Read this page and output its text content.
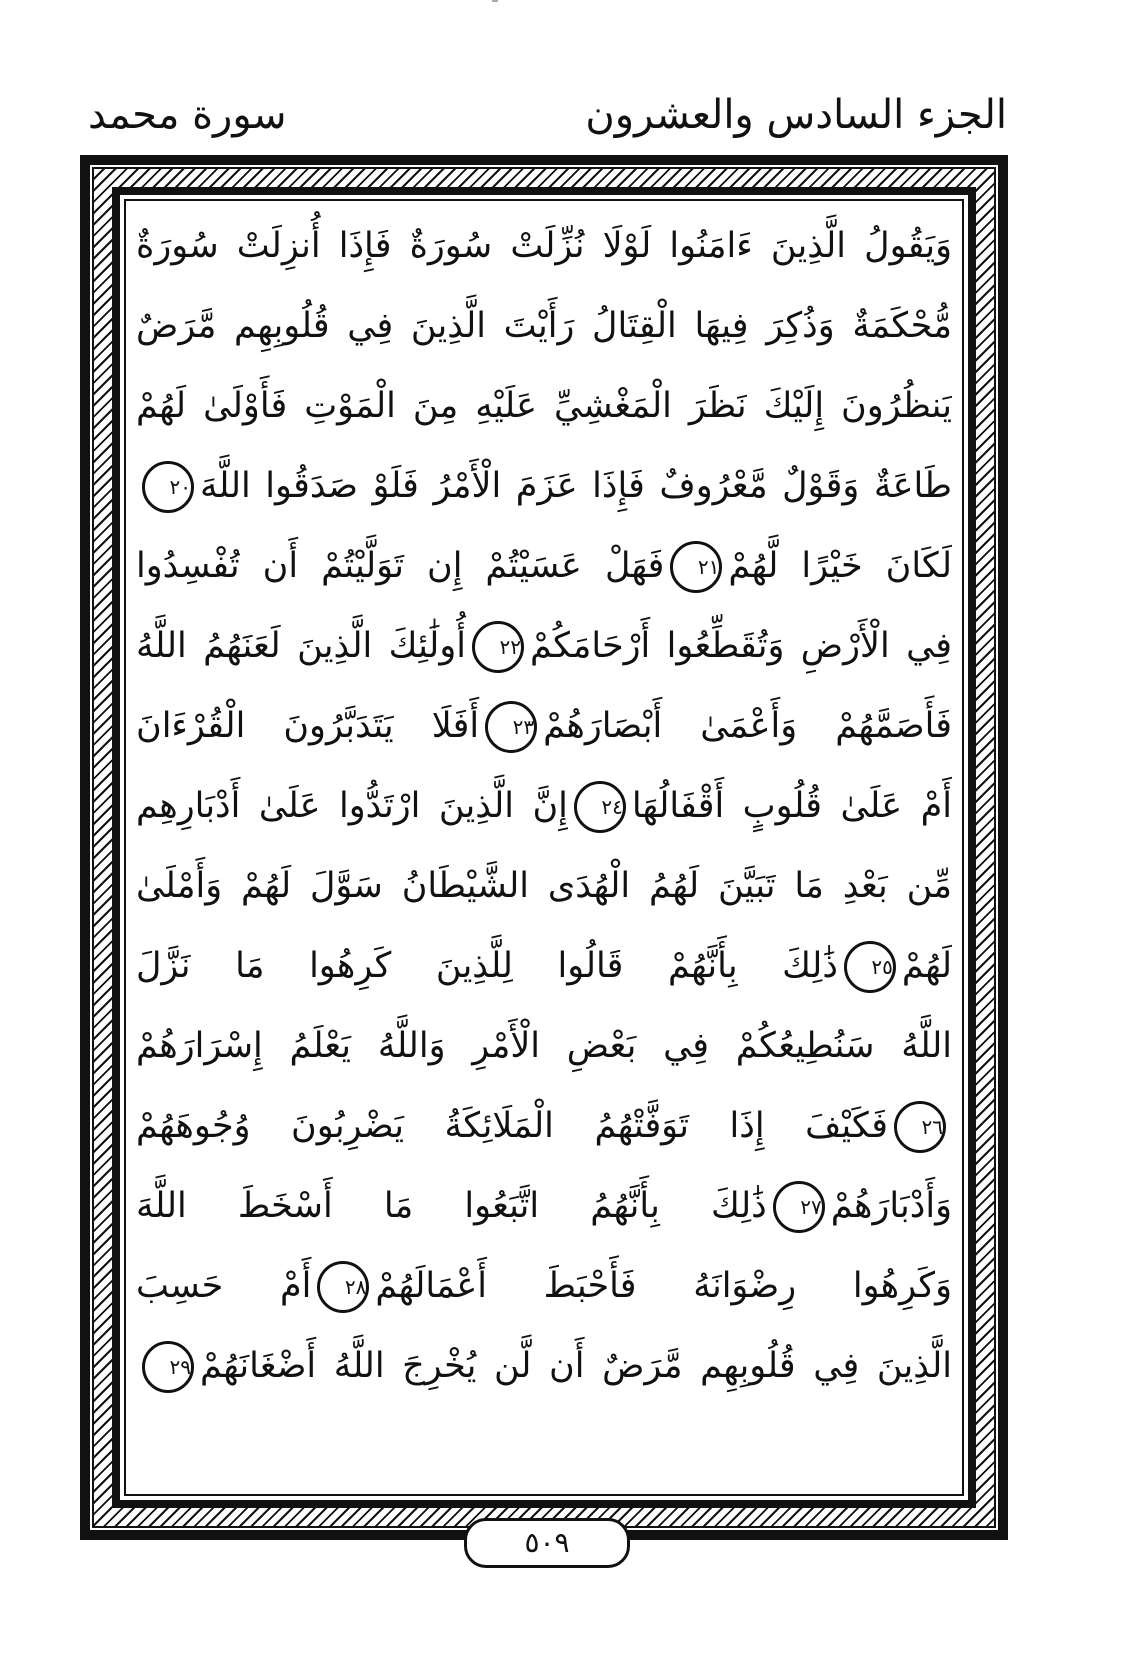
الجزء السادس والعشرون
سورة محمد
وَيَقُولُ الَّذِينَ ءَامَنُوا لَوْلَا نُزِّلَتْ سُورَةٌ فَإِذَا أُنزِلَتْ سُورَةٌ
مُّحْكَمَةٌ وَذُكِرَ فِيهَا الْقِتَالُ رَأَيْتَ الَّذِينَ فِي قُلُوبِهِم مَّرَضٌ
يَنظُرُونَ إِلَيْكَ نَظَرَ الْمَغْشِيِّ عَلَيْهِ مِنَ الْمَوْتِ فَأَوْلَىٰ لَهُمْ
طَاعَةٌ وَقَوْلٌ مَّعْرُوفٌ فَإِذَا عَزَمَ الْأَمْرُ فَلَوْ صَدَقُوا اللَّهَ٢٠
لَكَانَ خَيْرًا لَّهُمْ٢١فَهَلْ عَسَيْتُمْ إِن تَوَلَّيْتُمْ أَن تُفْسِدُوا
فِي الْأَرْضِ وَتُقَطِّعُوا أَرْحَامَكُمْ٢٢أُولَٰئِكَ الَّذِينَ لَعَنَهُمُ اللَّهُ
فَأَصَمَّهُمْ وَأَعْمَىٰ أَبْصَارَهُمْ٢٣أَفَلَا يَتَدَبَّرُونَ الْقُرْءَانَ
أَمْ عَلَىٰ قُلُوبٍ أَقْفَالُهَا٢٤إِنَّ الَّذِينَ ارْتَدُّوا عَلَىٰ أَدْبَارِهِم
مِّن بَعْدِ مَا تَبَيَّنَ لَهُمُ الْهُدَى الشَّيْطَانُ سَوَّلَ لَهُمْ وَأَمْلَىٰ
لَهُمْ٢٥ذَٰلِكَ بِأَنَّهُمْ قَالُوا لِلَّذِينَ كَرِهُوا مَا نَزَّلَ
اللَّهُ سَنُطِيعُكُمْ فِي بَعْضِ الْأَمْرِ وَاللَّهُ يَعْلَمُ إِسْرَارَهُمْ
٢٦فَكَيْفَ إِذَا تَوَفَّتْهُمُ الْمَلَائِكَةُ يَضْرِبُونَ وُجُوهَهُمْ
وَأَدْبَارَهُمْ٢٧ذَٰلِكَ بِأَنَّهُمُ اتَّبَعُوا مَا أَسْخَطَ اللَّهَ
وَكَرِهُوا رِضْوَانَهُ فَأَحْبَطَ أَعْمَالَهُمْ٢٨أَمْ حَسِبَ
الَّذِينَ فِي قُلُوبِهِم مَّرَضٌ أَن لَّن يُخْرِجَ اللَّهُ أَضْغَانَهُمْ٢٩
٥٠٩
